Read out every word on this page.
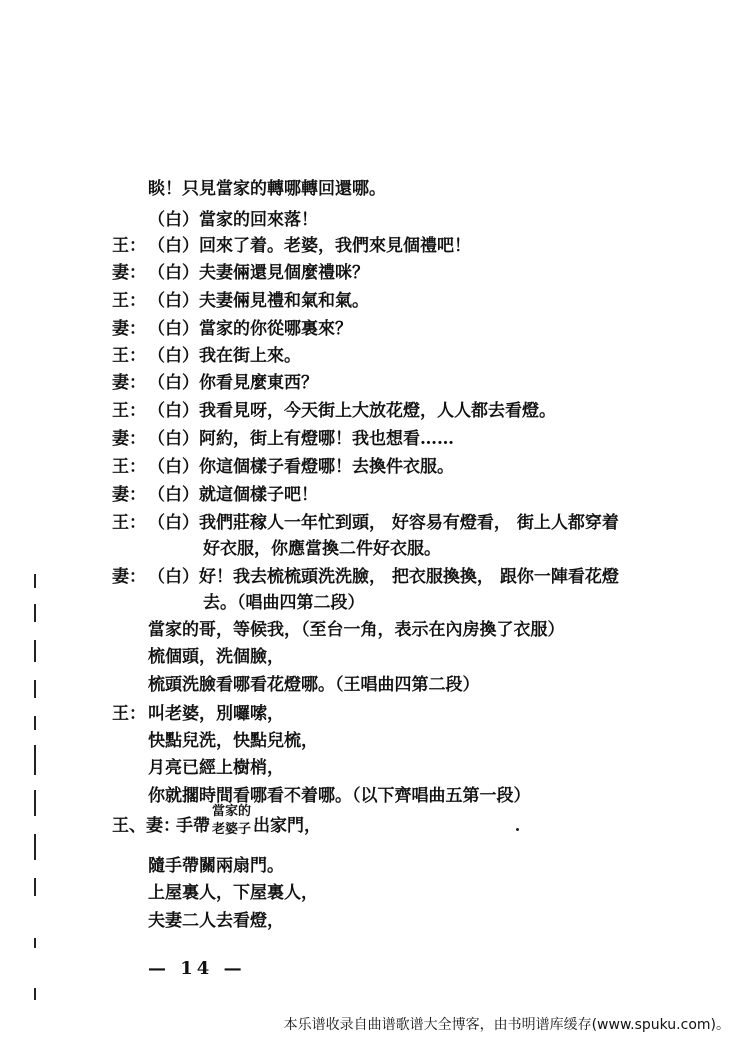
睒！只見當家的轉哪轉回還哪。
（白）當家的回來落！
王： （白）回來了着。老婆，我們來見個禮吧！
妻： （白）夫妻倆還見個麼禮咪？
王： （白）夫妻倆見禮和氣和氣。
妻： （白）當家的你從哪裏來？
王： （白）我在街上來。
妻： （白）你看見麼東西？
王： （白）我看見呀，今天街上大放花燈，人人都去看燈。
妻： （白）阿約，街上有燈哪！我也想看……
王： （白）你這個樣子看燈哪！去換件衣服。
妻： （白）就這個樣子吧！
王： （白）我們莊稼人一年忙到頭， 好容易有燈看， 街上人都穿着
好衣服，你應當換二件好衣服。
妻： （白）好！我去梳梳頭洗洗臉， 把衣服換換， 跟你一陣看花燈
去。（唱曲四第二段）
當家的哥，等候我，（至台一角，表示在內房換了衣服）
梳個頭，洗個臉，
梳頭洗臉看哪看花燈哪。（王唱曲四第二段）
王： 叫老婆，別囉嗦，
快點兒洗，快點兒梳，
月亮已經上樹梢，
你就擱時間看哪看不着哪。（以下齊唱曲五第一段）
王、妻：
手帶
當家的
老婆子 出家門，
隨手帶關兩扇門。
上屋裏人，下屋裏人，
夫妻二人去看燈，
— 14 —
本乐谱收录自曲谱歌谱大全博客，由书明谱库缓存(www.spuku.com)。
